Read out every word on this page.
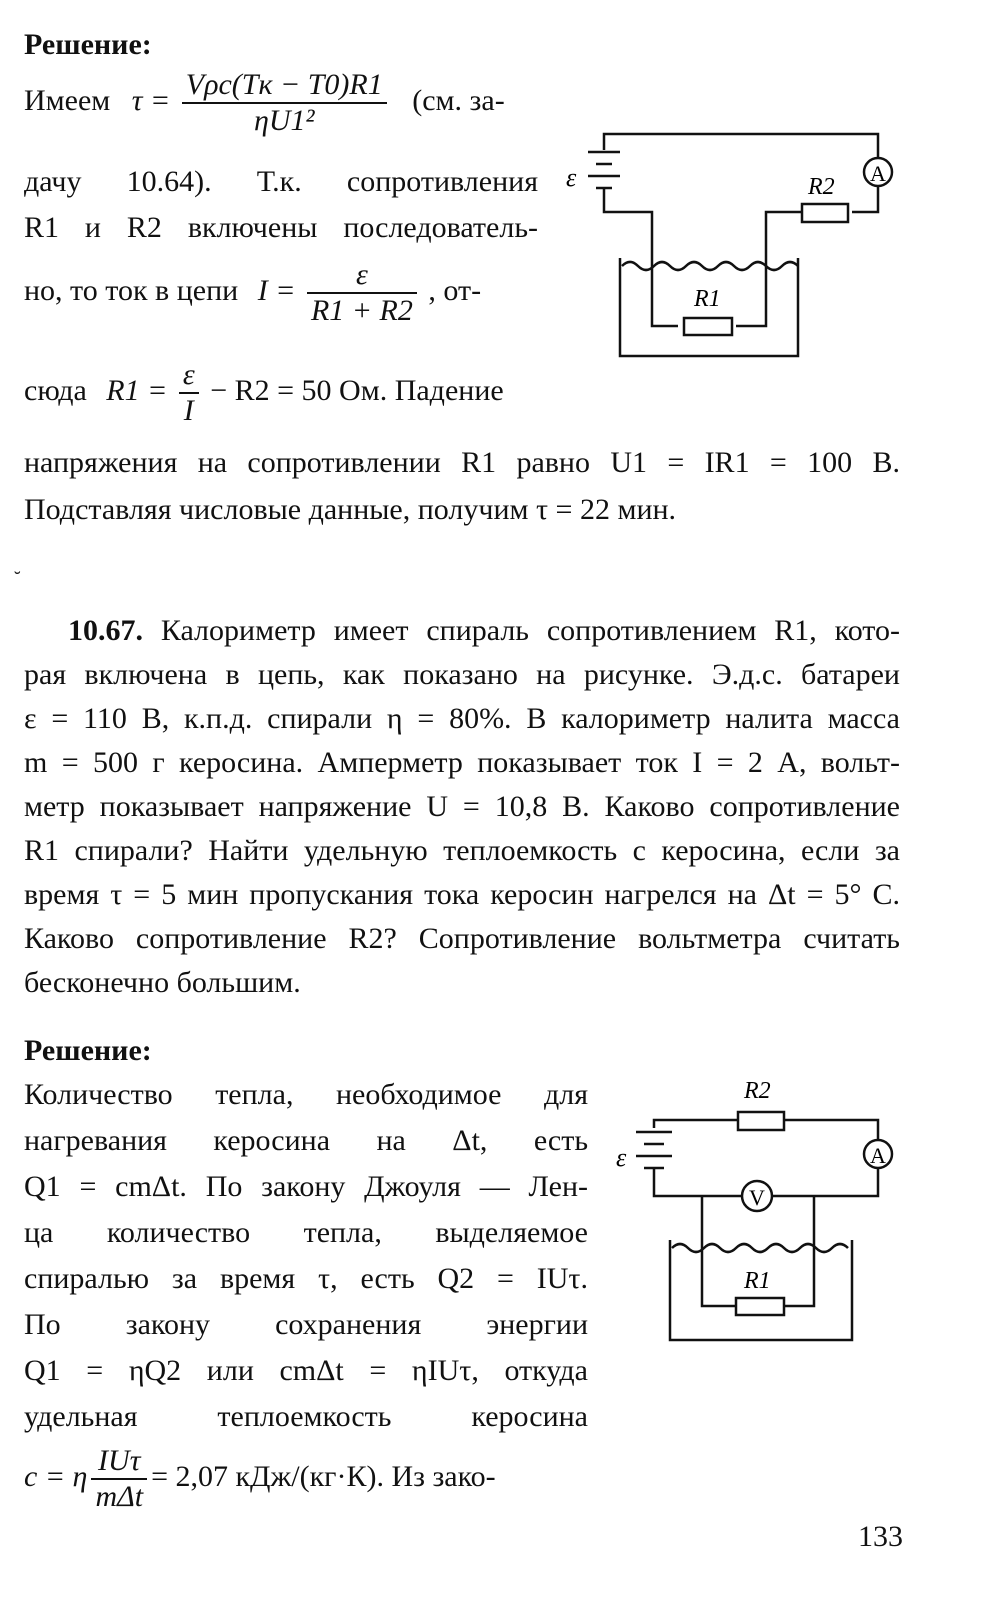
Решение:
Имеем $\tau = \frac{\text{Vρc(Tк − T0)R1}}{\text{ηU1²}} (см$. за-
дачу 10.64). Т.к. сопротивления
R1 и R2 включены последователь-
но, то ток в цепи $I = \frac{\varepsilon}{R1 + R2}$ , от-
сюда $R1 = \frac{\varepsilon}{I} - R2 = 50$ Ом. Падение
напряжения на сопротивлении R1 равно U1 = IR1 = 100 В.
Подставляя числовые данные, получим τ = 22 мин.
ε	A
R2
R1
˘
10.67. Калориметр имеет спираль сопротивлением R1, кото-
рая включена в цепь, как показано на рисунке. Э.д.с. батареи
ε = 110 В, к.п.д. спирали η = 80%. В калориметр налита масса
m = 500 г керосина. Амперметр показывает ток I = 2 А, вольт-
метр показывает напряжение U = 10,8 В. Каково сопротивление
R1 спирали? Найти удельную теплоемкость c керосина, если за
время τ = 5 мин пропускания тока керосин нагрелся на Δt = 5° С.
Каково сопротивление R2? Сопротивление вольтметра считать
бесконечно большим.
Решение:
Количество тепла, необходимое для
нагревания керосина на Δt, есть
Q1 = cmΔt. По закону Джоуля — Лен-
ца количество тепла, выделяемое
спиралью за время τ, есть Q2 = IUτ.
По закону сохранения энергии
Q1 = ηQ2 или cmΔt = ηIUτ, откуда
удельная теплоемкость керосина
c = η $\frac{\text{IUτ}}{\text{mΔt}} = 2,07$ кДж/(кг·К). Из зако-
ε	A
V
R2
R1
133
